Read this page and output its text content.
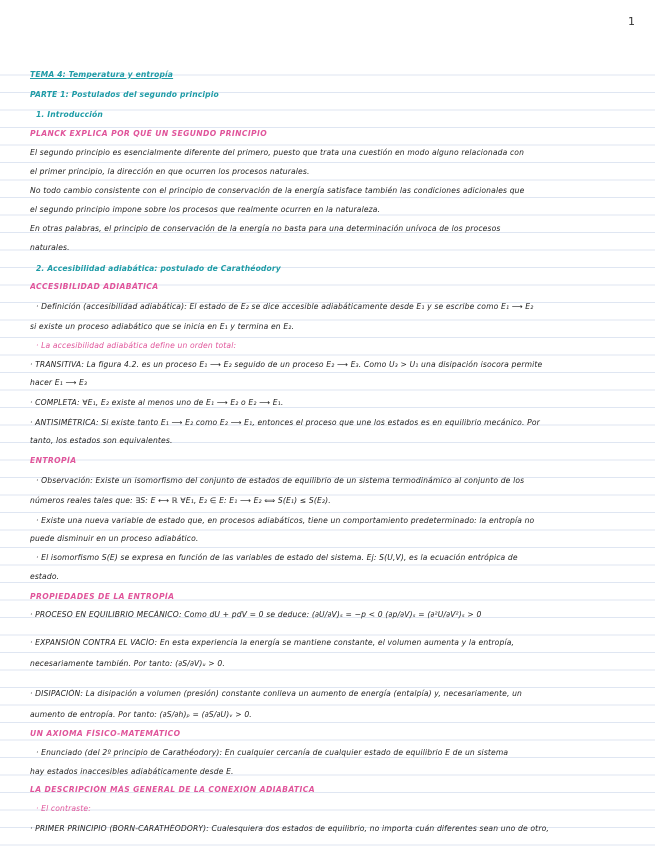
1
TEMA 4: Temperatura y entropía
PARTE 1: Postulados del segundo principio
1. Introducción
PLANCK EXPLICA POR QUÉ UN SEGUNDO PRINCIPIO
El segundo principio es esencialmente diferente del primero, puesto que trata una cuestión en modo alguno relacionada con
el primer principio, la dirección en que ocurren los procesos naturales.
No todo cambio consistente con el principio de conservación de la energía satisface también las condiciones adicionales que
el segundo principio impone sobre los procesos que realmente ocurren en la naturaleza.
En otras palabras, el principio de conservación de la energía no basta para una determinación unívoca de los procesos
naturales.
2. Accesibilidad adiabática: postulado de Carathéodory
ACCESIBILIDAD ADIABÁTICA
· Definición (accesibilidad adiabática): El estado de E₂ se dice accesible adiabáticamente desde E₁ y se escribe como E₁ ⟶ E₂
si existe un proceso adiabático que se inicia en E₁ y termina en E₂.
· La accesibilidad adiabática define un orden total:
· TRANSITIVA: La figura 4.2. es un proceso E₁ ⟶ E₂ seguido de un proceso E₂ ⟶ E₃. Como U₃ > U₁ una disipación isocora permite
hacer E₁ ⟶ E₃
· COMPLETA: ∀E₁, E₂ existe al menos uno de E₁ ⟶ E₂ o E₂ ⟶ E₁.
· ANTISIMÉTRICA: Si existe tanto E₁ ⟶ E₂ como E₂ ⟶ E₁, entonces el proceso que une los estados es en equilibrio mecánico. Por
tanto, los estados son equivalentes.
ENTROPÍA
· Observación: Existe un isomorfismo del conjunto de estados de equilibrio de un sistema termodinámico al conjunto de los
números reales tales que: ∃S: E ⟷ ℝ ∀E₁, E₂ ∈ E: E₁ ⟶ E₂ ⟺ S(E₁) ≤ S(E₂).
· Existe una nueva variable de estado que, en procesos adiabáticos, tiene un comportamiento predeterminado: la entropía no
puede disminuir en un proceso adiabático.
· El isomorfismo S(E) se expresa en función de las variables de estado del sistema. Ej: S(U,V), es la ecuación entrópica de
estado.
PROPIEDADES DE LA ENTROPÍA
· PROCESO EN EQUILIBRIO MECÁNICO: Como dU + pdV = 0 se deduce: (∂U/∂V)ₛ = −p < 0 (∂p/∂V)ₛ = (∂²U/∂V²)ₛ > 0
· EXPANSIÓN CONTRA EL VACÍO: En esta experiencia la energía se mantiene constante, el volumen aumenta y la entropía,
necesariamente también. Por tanto: (∂S/∂V)ᵤ > 0.
· DISIPACIÓN: La disipación a volumen (presión) constante conlleva un aumento de energía (entalpía) y, necesariamente, un
aumento de entropía. Por tanto: (∂S/∂h)ₚ = (∂S/∂U)ᵥ > 0.
UN AXIOMA FÍSICO-MATEMÁTICO
· Enunciado (del 2º principio de Carathéodory): En cualquier cercanía de cualquier estado de equilibrio E de un sistema
hay estados inaccesibles adiabáticamente desde E.
LA DESCRIPCIÓN MÁS GENERAL DE LA CONEXIÓN ADIABÁTICA
· El contraste:
· PRIMER PRINCIPIO (BORN-CARATHÉODORY): Cualesquiera dos estados de equilibrio, no importa cuán diferentes sean uno de otro,
